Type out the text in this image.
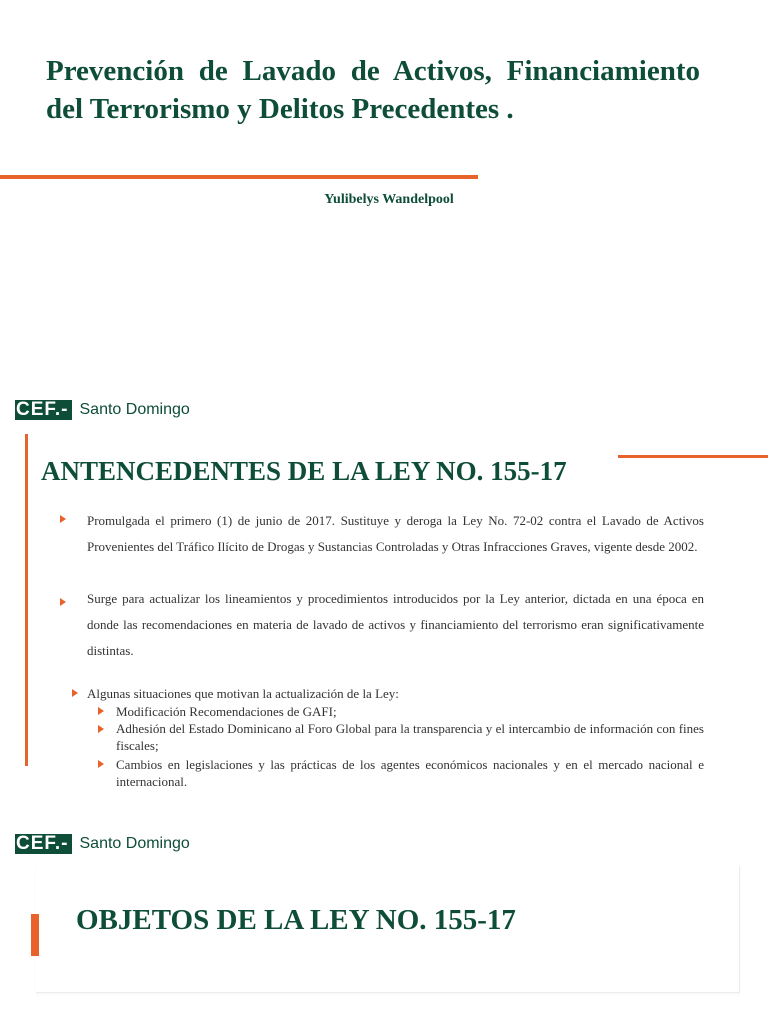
Prevención de Lavado de Activos, Financiamiento del Terrorismo y Delitos Precedentes .
Yulibelys Wandelpool
CEF.- Santo Domingo
ANTENCEDENTES DE LA LEY NO. 155-17

Promulgada el primero (1) de junio de 2017. Sustituye y deroga la Ley No. 72-02 contra el Lavado de Activos Provenientes del Tráfico Ilícito de Drogas y Sustancias Controladas y Otras Infracciones Graves, vigente desde 2002.

Surge para actualizar los lineamientos y procedimientos introducidos por la Ley anterior, dictada en una época en donde las recomendaciones en materia de lavado de activos y financiamiento del terrorismo eran significativamente distintas.

Algunas situaciones que motivan la actualización de la Ley:

Modificación Recomendaciones de GAFI;

Adhesión del Estado Dominicano al Foro Global para la transparencia y el intercambio de información con fines fiscales;

Cambios en legislaciones y las prácticas de los agentes económicos nacionales y en el mercado nacional e internacional.

CEF.- Santo Domingo
OBJETOS DE LA LEY NO. 155-17
